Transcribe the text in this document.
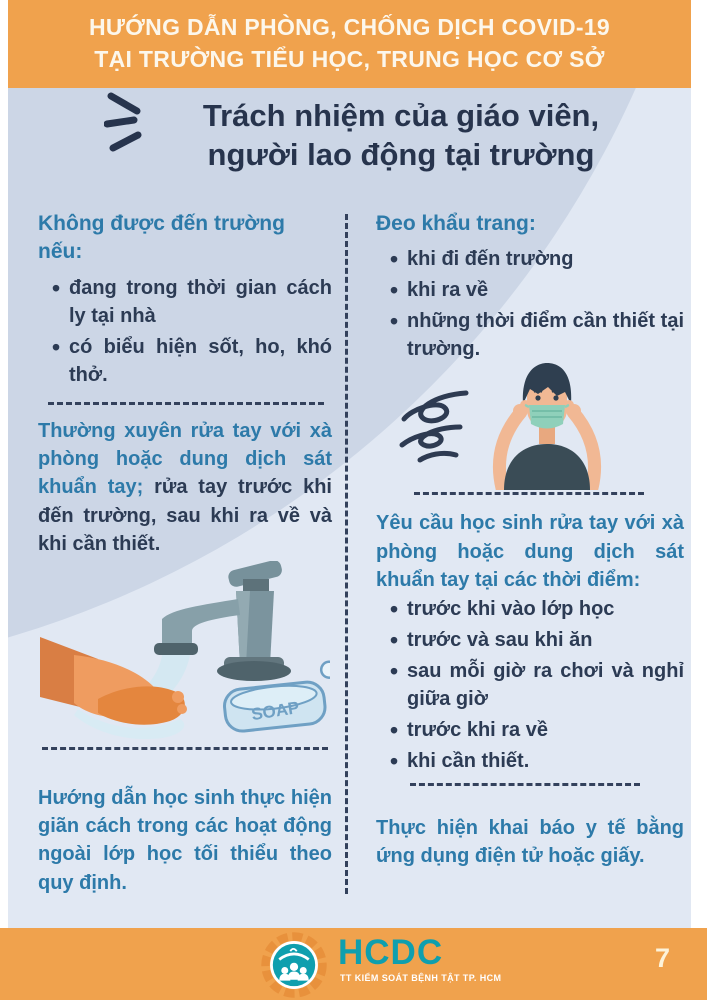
HƯỚNG DẪN PHÒNG, CHỐNG DỊCH COVID-19
TẠI TRƯỜNG TIỂU HỌC, TRUNG HỌC CƠ SỞ
Trách nhiệm của giáo viên,
người lao động tại trường
Không được đến trường nếu:
• đang trong thời gian cách ly tại nhà
• có biểu hiện sốt, ho, khó thở.

Thường xuyên rửa tay với xà phòng hoặc dung dịch sát khuẩn tay; rửa tay trước khi đến trường, sau khi ra về và khi cần thiết.

SOAP

Hướng dẫn học sinh thực hiện giãn cách trong các hoạt động ngoài lớp học tối thiểu theo quy định.

Đeo khẩu trang:
• khi đi đến trường
• khi ra về
• những thời điểm cần thiết tại trường.

Yêu cầu học sinh rửa tay với xà phòng hoặc dung dịch sát khuẩn tay tại các thời điểm:

• trước khi vào lớp học
• trước và sau khi ăn
• sau mỗi giờ ra chơi và nghỉ giữa giờ
• trước khi ra về
• khi cần thiết.

Thực hiện khai báo y tế bằng ứng dụng điện tử hoặc giấy.

HCDC
TT KIỂM SOÁT BỆNH TẬT TP. HCM
7
